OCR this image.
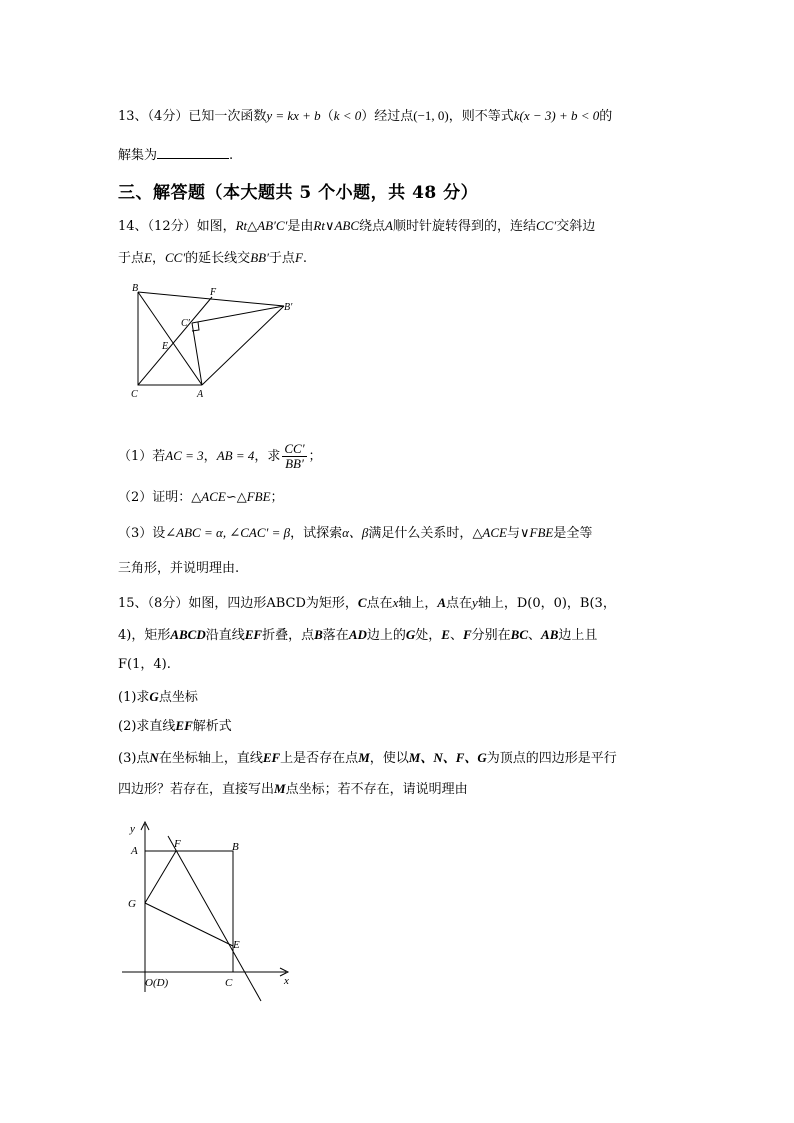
13、（4分）已知一次函数y = kx + b（k < 0）经过点(−1, 0)，则不等式k(x − 3) + b < 0的
解集为	.
三、解答题（本大题共 5 个小题，共 48 分）
14、（12分）如图，Rt△AB′C′是由Rt∨ABC绕点A顺时针旋转得到的，连结CC′交斜边
于点E，CC′的延长线交BB′于点F.
B	F
B′
C′
E
C	A
（1）若AC = 3，AB = 4，求 $\frac{CC'}{BB'}$ ；
（2）证明：△ACE∽△FBE；
（3）设∠ABC = α, ∠CAC′ = β，试探索α、β满足什么关系时，△ACE与∨FBE是全等
三角形，并说明理由.
15、（8分）如图，四边形ABCD为矩形，C点在x轴上，A点在y轴上，D(0，0)，B(3，
4)，矩形ABCD沿直线EF折叠，点B落在AD边上的G处，E、F分别在BC、AB边上且
F(1，4).
(1)求G点坐标
(2)求直线EF解析式
(3)点N在坐标轴上，直线EF上是否存在点M，使以M、N、F、G为顶点的四边形是平行
四边形？若存在，直接写出M点坐标；若不存在，请说明理由
y
x
A
F	B
G
E
O(D)	C
